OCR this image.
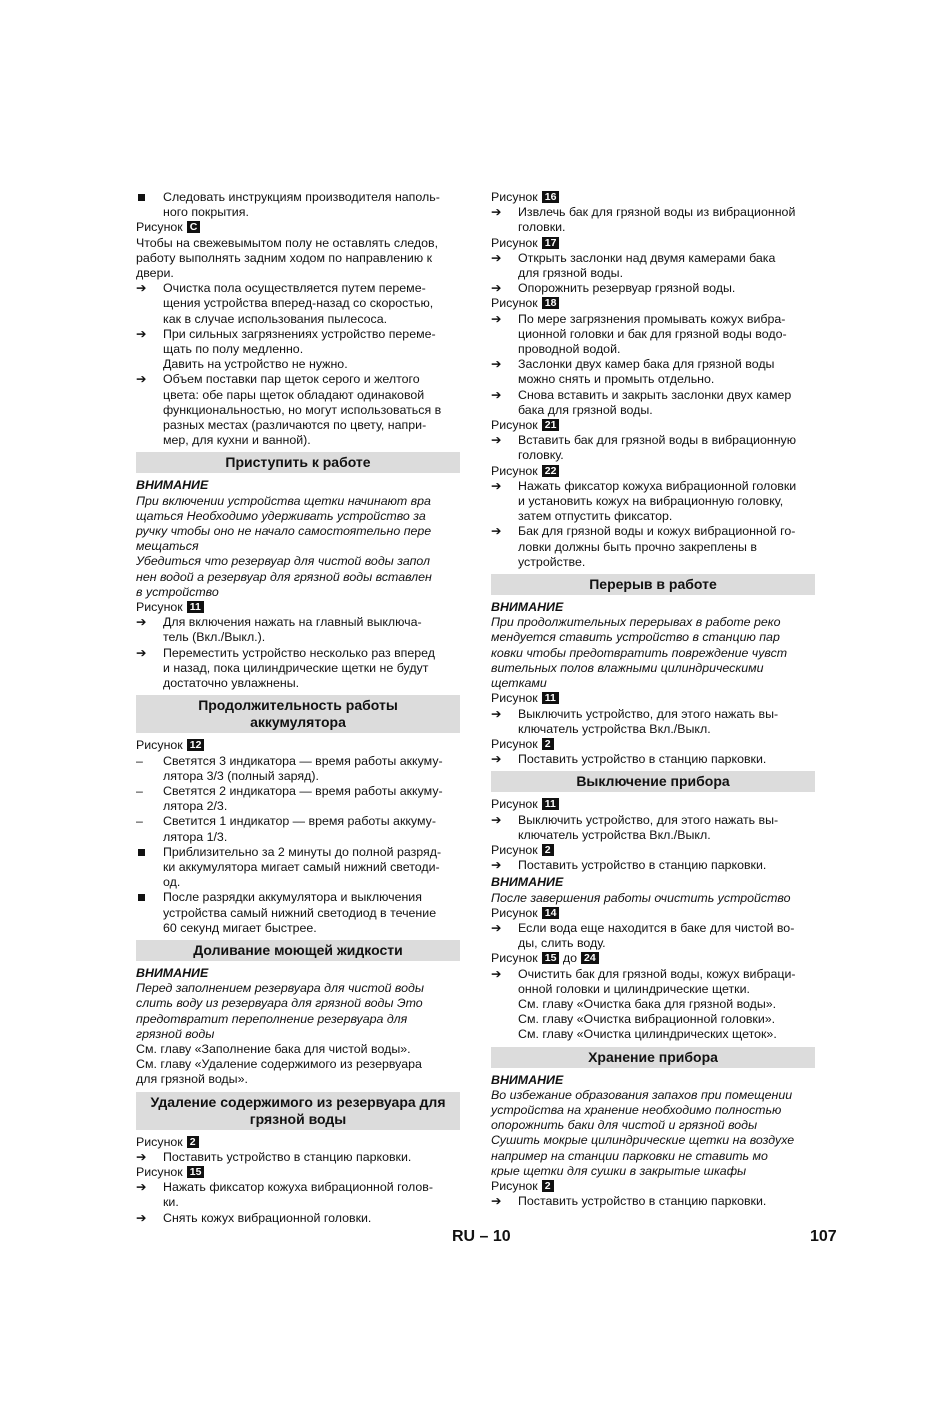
Следовать инструкциям производителя наполь-
ного покрытия.
Рисунок C
Чтобы на свежевымытом полу не оставлять следов,
работу выполнять задним ходом по направлению к
двери.
➔	Очистка пола осуществляется путем переме-
щения устройства вперед-назад со скоростью,
как в случае использования пылесоса.
➔	При сильных загрязнениях устройство переме-
щать по полу медленно.
Давить на устройство не нужно.
➔	Объем поставки пар щеток серого и желтого
цвета: обе пары щеток обладают одинаковой
функциональностью, но могут использоваться в
разных местах (различаются по цвету, напри-
мер, для кухни и ванной).
Приступить к работе
ВНИМАНИЕ
При включении устройства щетки начинают вра
щаться Необходимо удерживать устройство за
ручку чтобы оно не начало самостоятельно пере
мещаться
Убедиться что резервуар для чистой воды запол
нен водой а резервуар для грязной воды вставлен
в устройство
Рисунок 11
➔	Для включения нажать на главный выключа-
тель (Вкл./Выкл.).
➔	Переместить устройство несколько раз вперед
и назад, пока цилиндрические щетки не будут
достаточно увлажнены.
Продолжительность работы
аккумулятора
Рисунок 12
–	Светятся 3 индикатора — время работы аккуму-
лятора 3/3 (полный заряд).
–	Светятся 2 индикатора — время работы аккуму-
лятора 2/3.
–	Светится 1 индикатор — время работы аккуму-
лятора 1/3.
Приблизительно за 2 минуты до полной разряд-
ки аккумулятора мигает самый нижний светоди-
од.
После разрядки аккумулятора и выключения
устройства самый нижний светодиод в течение
60 секунд мигает быстрее.
Доливание моющей жидкости
ВНИМАНИЕ
Перед заполнением резервуара для чистой воды
слить воду из резервуара для грязной воды Это
предотвратит переполнение резервуара для
грязной воды
См. главу «Заполнение бака для чистой воды».
См. главу «Удаление содержимого из резервуара
для грязной воды».
Удаление содержимого из резервуара для
грязной воды
Рисунок 2
➔	Поставить устройство в станцию парковки.
Рисунок 15
➔	Нажать фиксатор кожуха вибрационной голов-
ки.
➔	Снять кожух вибрационной головки.
Рисунок 16
➔	Извлечь бак для грязной воды из вибрационной
головки.
Рисунок 17
➔	Открыть заслонки над двумя камерами бака
для грязной воды.
➔	Опорожнить резервуар грязной воды.
Рисунок 18
➔	По мере загрязнения промывать кожух вибра-
ционной головки и бак для грязной воды водо-
проводной водой.
➔	Заслонки двух камер бака для грязной воды
можно снять и промыть отдельно.
➔	Снова вставить и закрыть заслонки двух камер
бака для грязной воды.
Рисунок 21
➔	Вставить бак для грязной воды в вибрационную
головку.
Рисунок 22
➔	Нажать фиксатор кожуха вибрационной головки
и установить кожух на вибрационную головку,
затем отпустить фиксатор.
➔	Бак для грязной воды и кожух вибрационной го-
ловки должны быть прочно закреплены в
устройстве.
Перерыв в работе
ВНИМАНИЕ
При продолжительных перерывах в работе реко
мендуется ставить устройство в станцию пар
ковки чтобы предотвратить повреждение чувст
вительных полов влажными цилиндрическими
щетками
Рисунок 11
➔	Выключить устройство, для этого нажать вы-
ключатель устройства Вкл./Выкл.
Рисунок 2
➔	Поставить устройство в станцию парковки.
Выключение прибора
Рисунок 11
➔	Выключить устройство, для этого нажать вы-
ключатель устройства Вкл./Выкл.
Рисунок 2
➔	Поставить устройство в станцию парковки.
ВНИМАНИЕ
После завершения работы очистить устройство
Рисунок 14
➔	Если вода еще находится в баке для чистой во-
ды, слить воду.
Рисунок 15 до 24
➔	Очистить бак для грязной воды, кожух вибраци-
онной головки и цилиндрические щетки.
См. главу «Очистка бака для грязной воды».
См. главу «Очистка вибрационной головки».
См. главу «Очистка цилиндрических щеток».
Хранение прибора
ВНИМАНИЕ
Во избежание образования запахов при помещении
устройства на хранение необходимо полностью
опорожнить баки для чистой и грязной воды
Сушить мокрые цилиндрические щетки на воздухе
например на станции парковки не ставить мо
крые щетки для сушки в закрытые шкафы
Рисунок 2
➔	Поставить устройство в станцию парковки.
RU – 10	107
